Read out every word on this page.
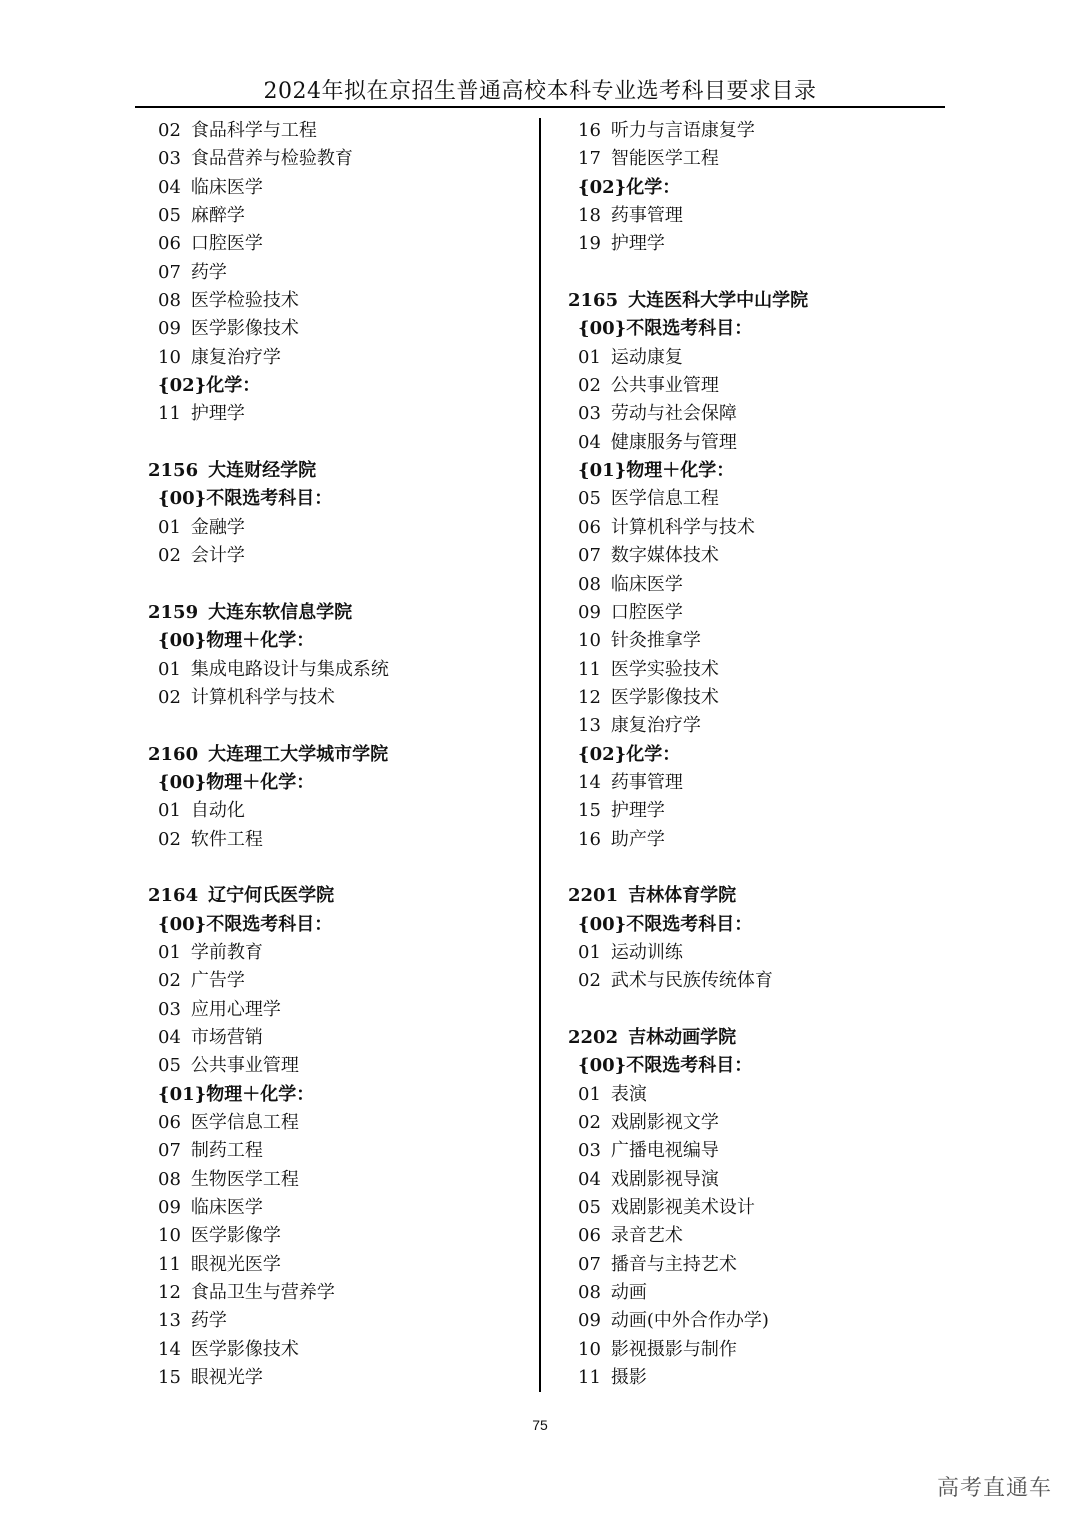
2024年拟在京招生普通高校本科专业选考科目要求目录
02 食品科学与工程
03 食品营养与检验教育
04 临床医学
05 麻醉学
06 口腔医学
07 药学
08 医学检验技术
09 医学影像技术
10 康复治疗学
{02}化学：
11 护理学
2156 大连财经学院
{00}不限选考科目：
01 金融学
02 会计学
2159 大连东软信息学院
{00}物理＋化学：
01 集成电路设计与集成系统
02 计算机科学与技术
2160 大连理工大学城市学院
{00}物理＋化学：
01 自动化
02 软件工程
2164 辽宁何氏医学院
{00}不限选考科目：
01 学前教育
02 广告学
03 应用心理学
04 市场营销
05 公共事业管理
{01}物理＋化学：
06 医学信息工程
07 制药工程
08 生物医学工程
09 临床医学
10 医学影像学
11 眼视光医学
12 食品卫生与营养学
13 药学
14 医学影像技术
15 眼视光学
16 听力与言语康复学
17 智能医学工程
{02}化学：
18 药事管理
19 护理学
2165 大连医科大学中山学院
{00}不限选考科目：
01 运动康复
02 公共事业管理
03 劳动与社会保障
04 健康服务与管理
{01}物理＋化学：
05 医学信息工程
06 计算机科学与技术
07 数字媒体技术
08 临床医学
09 口腔医学
10 针灸推拿学
11 医学实验技术
12 医学影像技术
13 康复治疗学
{02}化学：
14 药事管理
15 护理学
16 助产学
2201 吉林体育学院
{00}不限选考科目：
01 运动训练
02 武术与民族传统体育
2202 吉林动画学院
{00}不限选考科目：
01 表演
02 戏剧影视文学
03 广播电视编导
04 戏剧影视导演
05 戏剧影视美术设计
06 录音艺术
07 播音与主持艺术
08 动画
09 动画(中外合作办学)
10 影视摄影与制作
11 摄影
75
高考直通车
